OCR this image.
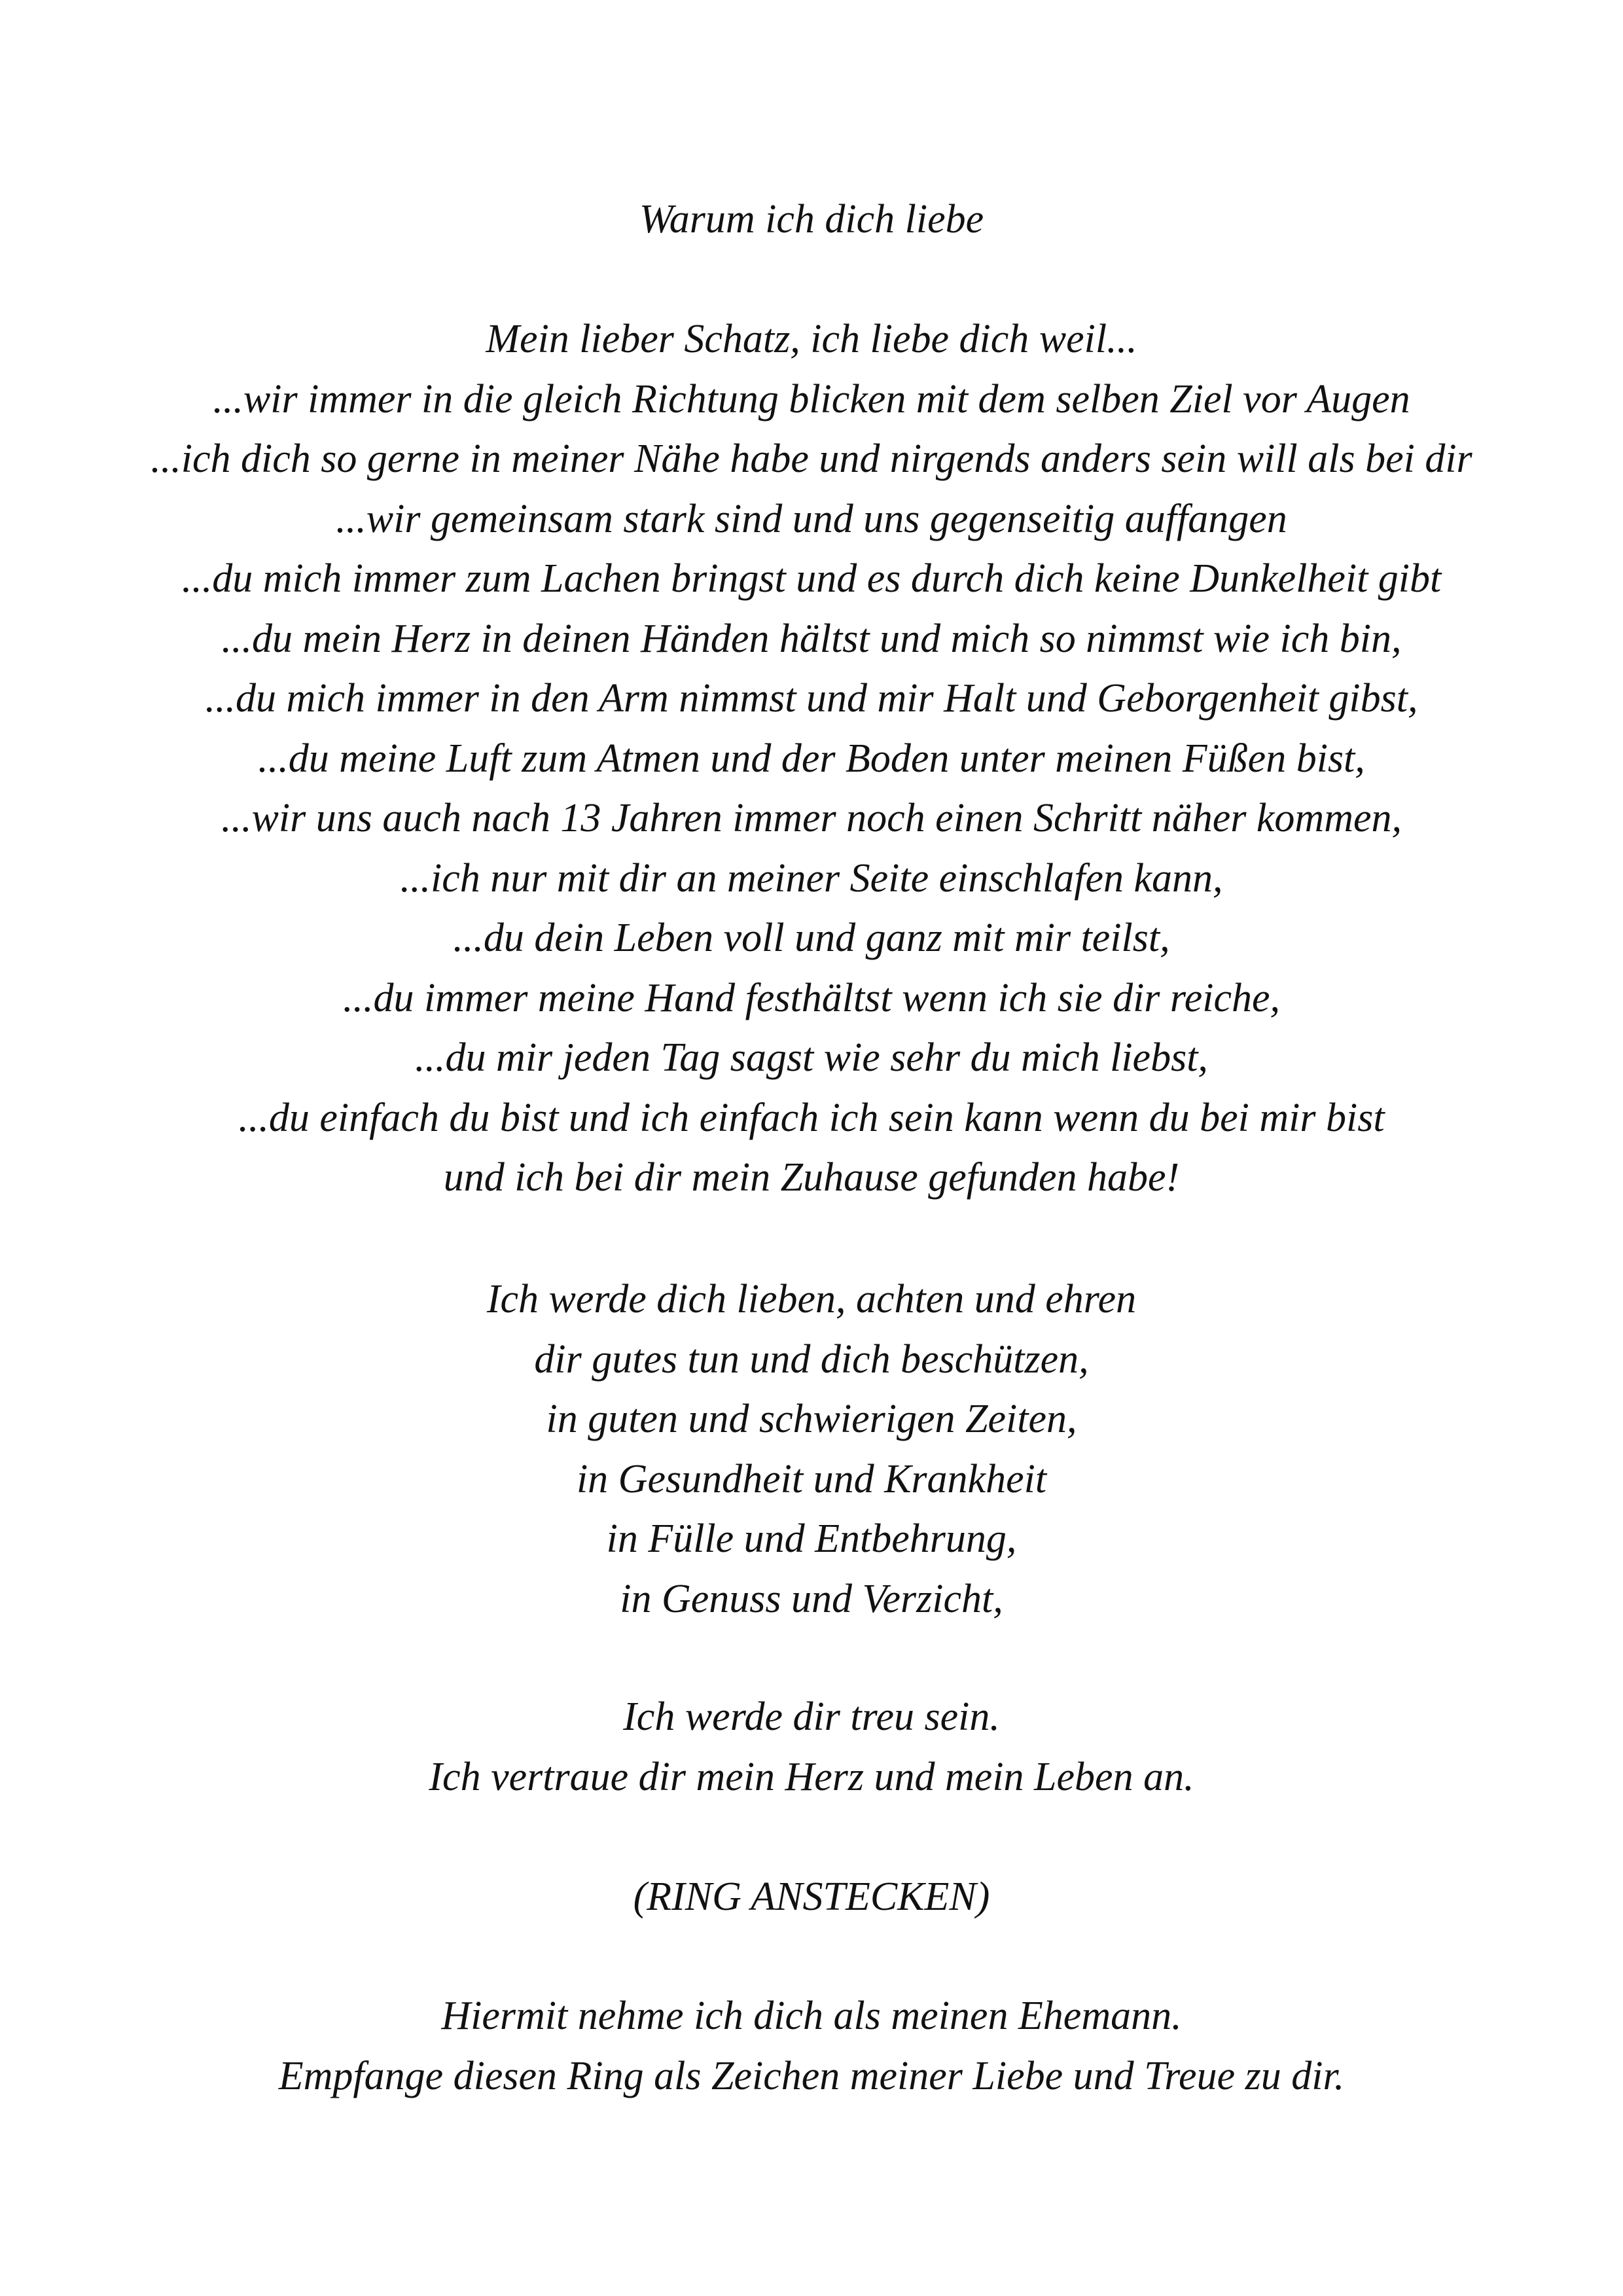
Warum ich dich liebe
Mein lieber Schatz, ich liebe dich weil...
...wir immer in die gleich Richtung blicken mit dem selben Ziel vor Augen
...ich dich so gerne in meiner Nähe habe und nirgends anders sein will als bei dir
...wir gemeinsam stark sind und uns gegenseitig auffangen
...du mich immer zum Lachen bringst und es durch dich keine Dunkelheit gibt
...du mein Herz in deinen Händen hältst und mich so nimmst wie ich bin,
...du mich immer in den Arm nimmst und mir Halt und Geborgenheit gibst,
...du meine Luft zum Atmen und der Boden unter meinen Füßen bist,
...wir uns auch nach 13 Jahren immer noch einen Schritt näher kommen,
...ich nur mit dir an meiner Seite einschlafen kann,
...du dein Leben voll und ganz mit mir teilst,
...du immer meine Hand festhältst wenn ich sie dir reiche,
...du mir jeden Tag sagst wie sehr du mich liebst,
...du einfach du bist und ich einfach ich sein kann wenn du bei mir bist
und ich bei dir mein Zuhause gefunden habe!
Ich werde dich lieben, achten und ehren
dir gutes tun und dich beschützen,
in guten und schwierigen Zeiten,
in Gesundheit und Krankheit
in Fülle und Entbehrung,
in Genuss und Verzicht,
Ich werde dir treu sein.
Ich vertraue dir mein Herz und mein Leben an.
(RING ANSTECKEN)
Hiermit nehme ich dich als meinen Ehemann.
Empfange diesen Ring als Zeichen meiner Liebe und Treue zu dir.
